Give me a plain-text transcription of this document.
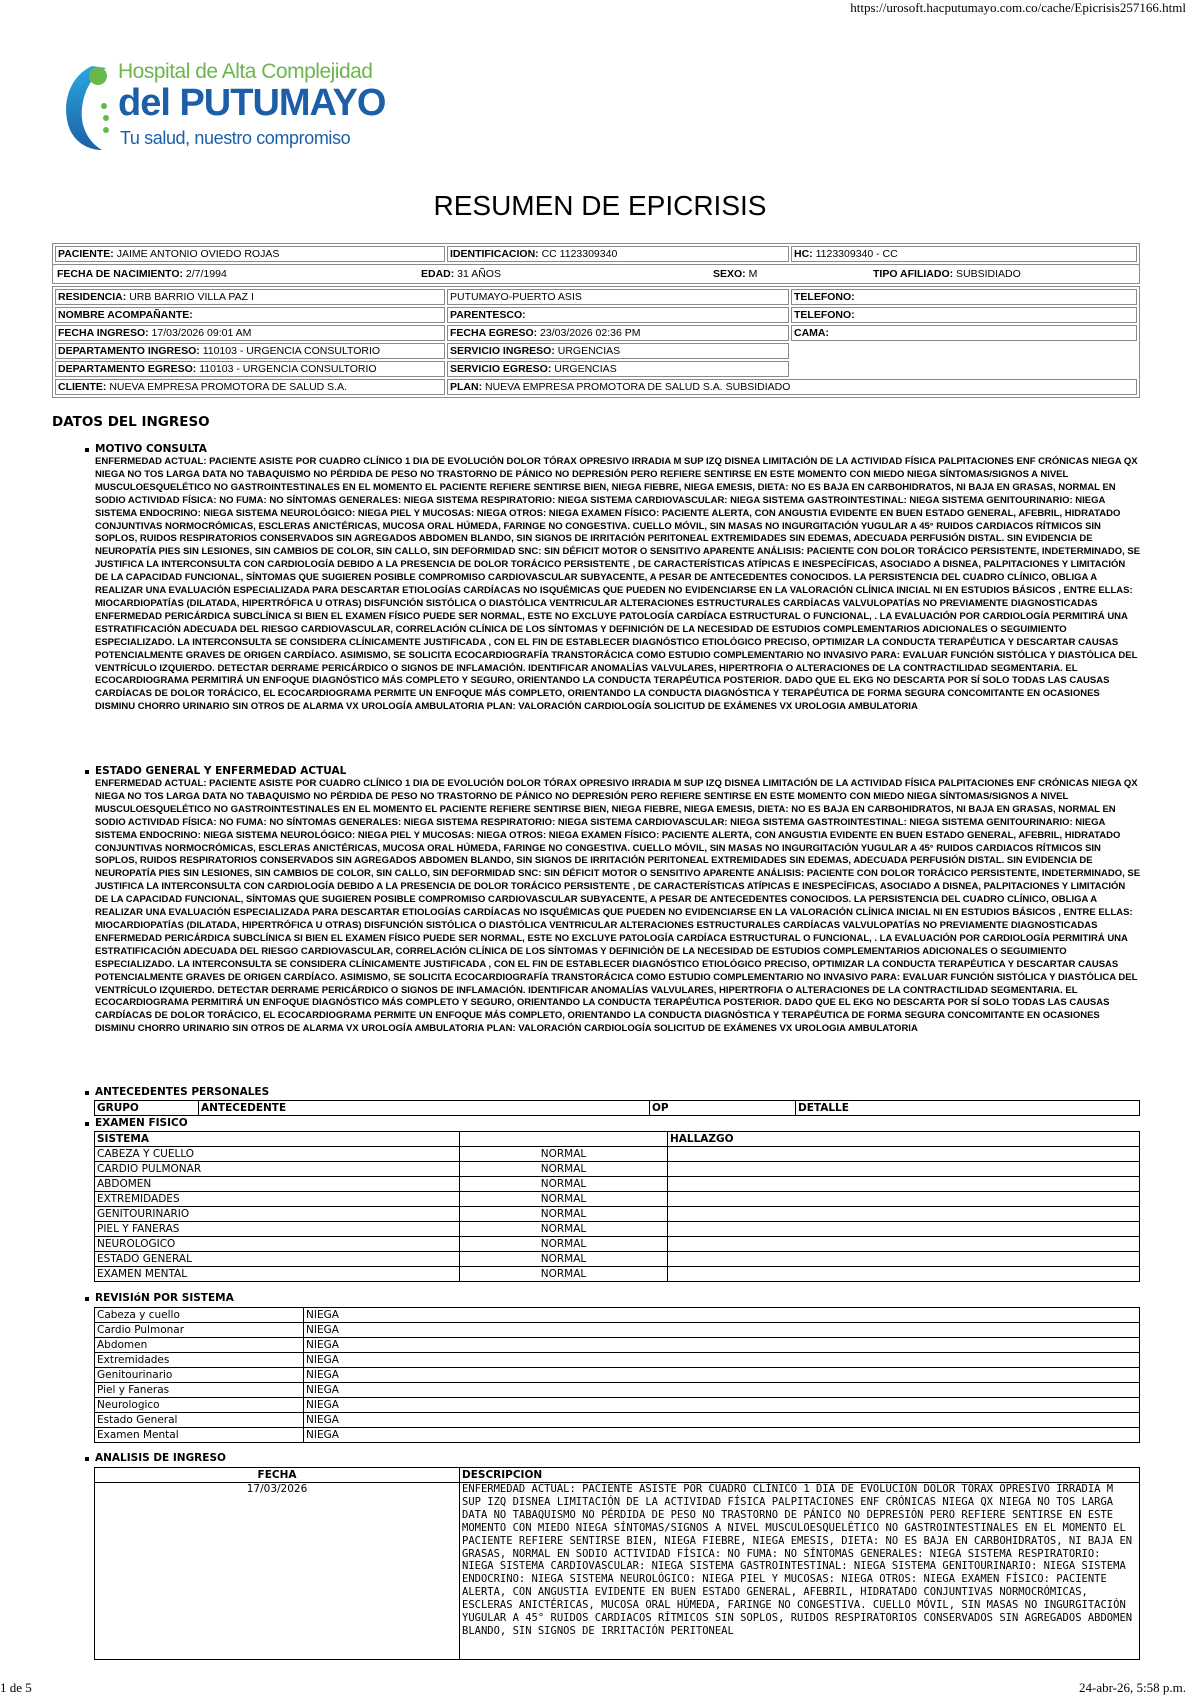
https://urosoft.hacputumayo.com.co/cache/Epicrisis257166.html
Hospital de Alta Complejidad
del PUTUMAYO
Tu salud, nuestro compromiso
RESUMEN DE EPICRISIS
PACIENTE: JAIME ANTONIO OVIEDO ROJAS	IDENTIFICACION: CC 1123309340	HC: 1123309340 - CC
FECHA DE NACIMIENTO: 2/7/1994	EDAD: 31 AÑOS	SEXO: M	TIPO AFILIADO: SUBSIDIADO
RESIDENCIA: URB BARRIO VILLA PAZ I	PUTUMAYO-PUERTO ASIS	TELEFONO:
NOMBRE ACOMPAÑANTE:	PARENTESCO:	TELEFONO:
FECHA INGRESO: 17/03/2026 09:01 AM	FECHA EGRESO: 23/03/2026 02:36 PM	CAMA:
DEPARTAMENTO INGRESO: 110103 - URGENCIA CONSULTORIO	SERVICIO INGRESO: URGENCIAS	
DEPARTAMENTO EGRESO: 110103 - URGENCIA CONSULTORIO	SERVICIO EGRESO: URGENCIAS	
CLIENTE: NUEVA EMPRESA PROMOTORA DE SALUD S.A.	PLAN: NUEVA EMPRESA PROMOTORA DE SALUD S.A. SUBSIDIADO	
DATOS DEL INGRESO
MOTIVO CONSULTA
ENFERMEDAD ACTUAL: PACIENTE ASISTE POR CUADRO CLÍNICO 1 DIA DE EVOLUCIÓN DOLOR TÓRAX OPRESIVO IRRADIA M SUP IZQ DISNEA LIMITACIÓN DE LA ACTIVIDAD FÍSICA PALPITACIONES ENF CRÓNICAS NIEGA QX NIEGA NO TOS LARGA DATA NO TABAQUISMO NO PÉRDIDA DE PESO NO TRASTORNO DE PÁNICO NO DEPRESIÓN PERO REFIERE SENTIRSE EN ESTE MOMENTO CON MIEDO NIEGA SÍNTOMAS/SIGNOS A NIVEL MUSCULOESQUELÉTICO NO GASTROINTESTINALES EN EL MOMENTO EL PACIENTE REFIERE SENTIRSE BIEN, NIEGA FIEBRE, NIEGA EMESIS, DIETA: NO ES BAJA EN CARBOHIDRATOS, NI BAJA EN GRASAS, NORMAL EN SODIO ACTIVIDAD FÍSICA: NO FUMA: NO SÍNTOMAS GENERALES: NIEGA SISTEMA RESPIRATORIO: NIEGA SISTEMA CARDIOVASCULAR: NIEGA SISTEMA GASTROINTESTINAL: NIEGA SISTEMA GENITOURINARIO: NIEGA SISTEMA ENDOCRINO: NIEGA SISTEMA NEUROLÓGICO: NIEGA PIEL Y MUCOSAS: NIEGA OTROS: NIEGA EXAMEN FÍSICO: PACIENTE ALERTA, CON ANGUSTIA EVIDENTE EN BUEN ESTADO GENERAL, AFEBRIL, HIDRATADO CONJUNTIVAS NORMOCRÓMICAS, ESCLERAS ANICTÉRICAS, MUCOSA ORAL HÚMEDA, FARINGE NO CONGESTIVA. CUELLO MÓVIL, SIN MASAS NO INGURGITACIÓN YUGULAR A 45° RUIDOS CARDIACOS RÍTMICOS SIN SOPLOS, RUIDOS RESPIRATORIOS CONSERVADOS SIN AGREGADOS ABDOMEN BLANDO, SIN SIGNOS DE IRRITACIÓN PERITONEAL EXTREMIDADES SIN EDEMAS, ADECUADA PERFUSIÓN DISTAL. SIN EVIDENCIA DE NEUROPATÍA PIES SIN LESIONES, SIN CAMBIOS DE COLOR, SIN CALLO, SIN DEFORMIDAD SNC: SIN DÉFICIT MOTOR O SENSITIVO APARENTE ANÁLISIS: PACIENTE CON DOLOR TORÁCICO PERSISTENTE, INDETERMINADO, SE JUSTIFICA LA INTERCONSULTA CON CARDIOLOGÍA DEBIDO A LA PRESENCIA DE DOLOR TORÁCICO PERSISTENTE , DE CARACTERÍSTICAS ATÍPICAS E INESPECÍFICAS, ASOCIADO A DISNEA, PALPITACIONES Y LIMITACIÓN DE LA CAPACIDAD FUNCIONAL, SÍNTOMAS QUE SUGIEREN POSIBLE COMPROMISO CARDIOVASCULAR SUBYACENTE, A PESAR DE ANTECEDENTES CONOCIDOS. LA PERSISTENCIA DEL CUADRO CLÍNICO, OBLIGA A REALIZAR UNA EVALUACIÓN ESPECIALIZADA PARA DESCARTAR ETIOLOGÍAS CARDÍACAS NO ISQUÉMICAS QUE PUEDEN NO EVIDENCIARSE EN LA VALORACIÓN CLÍNICA INICIAL NI EN ESTUDIOS BÁSICOS , ENTRE ELLAS: MIOCARDIOPATÍAS (DILATADA, HIPERTRÓFICA U OTRAS) DISFUNCIÓN SISTÓLICA O DIASTÓLICA VENTRICULAR ALTERACIONES ESTRUCTURALES CARDÍACAS VALVULOPATÍAS NO PREVIAMENTE DIAGNOSTICADAS ENFERMEDAD PERICÁRDICA SUBCLÍNICA SI BIEN EL EXAMEN FÍSICO PUEDE SER NORMAL, ESTE NO EXCLUYE PATOLOGÍA CARDÍACA ESTRUCTURAL O FUNCIONAL, . LA EVALUACIÓN POR CARDIOLOGÍA PERMITIRÁ UNA ESTRATIFICACIÓN ADECUADA DEL RIESGO CARDIOVASCULAR, CORRELACIÓN CLÍNICA DE LOS SÍNTOMAS Y DEFINICIÓN DE LA NECESIDAD DE ESTUDIOS COMPLEMENTARIOS ADICIONALES O SEGUIMIENTO ESPECIALIZADO. LA INTERCONSULTA SE CONSIDERA CLÍNICAMENTE JUSTIFICADA , CON EL FIN DE ESTABLECER DIAGNÓSTICO ETIOLÓGICO PRECISO, OPTIMIZAR LA CONDUCTA TERAPÉUTICA Y DESCARTAR CAUSAS POTENCIALMENTE GRAVES DE ORIGEN CARDÍACO. ASIMISMO, SE SOLICITA ECOCARDIOGRAFÍA TRANSTORÁCICA COMO ESTUDIO COMPLEMENTARIO NO INVASIVO PARA: EVALUAR FUNCIÓN SISTÓLICA Y DIASTÓLICA DEL VENTRÍCULO IZQUIERDO. DETECTAR DERRAME PERICÁRDICO O SIGNOS DE INFLAMACIÓN. IDENTIFICAR ANOMALÍAS VALVULARES, HIPERTROFIA O ALTERACIONES DE LA CONTRACTILIDAD SEGMENTARIA. EL ECOCARDIOGRAMA PERMITIRÁ UN ENFOQUE DIAGNÓSTICO MÁS COMPLETO Y SEGURO, ORIENTANDO LA CONDUCTA TERAPÉUTICA POSTERIOR. DADO QUE EL EKG NO DESCARTA POR SÍ SOLO TODAS LAS CAUSAS CARDÍACAS DE DOLOR TORÁCICO, EL ECOCARDIOGRAMA PERMITE UN ENFOQUE MÁS COMPLETO, ORIENTANDO LA CONDUCTA DIAGNÓSTICA Y TERAPÉUTICA DE FORMA SEGURA CONCOMITANTE EN OCASIONES DISMINU CHORRO URINARIO SIN OTROS DE ALARMA VX UROLOGÍA AMBULATORIA PLAN: VALORACIÓN CARDIOLOGÍA SOLICITUD DE EXÁMENES VX UROLOGIA AMBULATORIA
ESTADO GENERAL Y ENFERMEDAD ACTUAL
ENFERMEDAD ACTUAL: PACIENTE ASISTE POR CUADRO CLÍNICO 1 DIA DE EVOLUCIÓN DOLOR TÓRAX OPRESIVO IRRADIA M SUP IZQ DISNEA LIMITACIÓN DE LA ACTIVIDAD FÍSICA PALPITACIONES ENF CRÓNICAS NIEGA QX NIEGA NO TOS LARGA DATA NO TABAQUISMO NO PÉRDIDA DE PESO NO TRASTORNO DE PÁNICO NO DEPRESIÓN PERO REFIERE SENTIRSE EN ESTE MOMENTO CON MIEDO NIEGA SÍNTOMAS/SIGNOS A NIVEL MUSCULOESQUELÉTICO NO GASTROINTESTINALES EN EL MOMENTO EL PACIENTE REFIERE SENTIRSE BIEN, NIEGA FIEBRE, NIEGA EMESIS, DIETA: NO ES BAJA EN CARBOHIDRATOS, NI BAJA EN GRASAS, NORMAL EN SODIO ACTIVIDAD FÍSICA: NO FUMA: NO SÍNTOMAS GENERALES: NIEGA SISTEMA RESPIRATORIO: NIEGA SISTEMA CARDIOVASCULAR: NIEGA SISTEMA GASTROINTESTINAL: NIEGA SISTEMA GENITOURINARIO: NIEGA SISTEMA ENDOCRINO: NIEGA SISTEMA NEUROLÓGICO: NIEGA PIEL Y MUCOSAS: NIEGA OTROS: NIEGA EXAMEN FÍSICO: PACIENTE ALERTA, CON ANGUSTIA EVIDENTE EN BUEN ESTADO GENERAL, AFEBRIL, HIDRATADO CONJUNTIVAS NORMOCRÓMICAS, ESCLERAS ANICTÉRICAS, MUCOSA ORAL HÚMEDA, FARINGE NO CONGESTIVA. CUELLO MÓVIL, SIN MASAS NO INGURGITACIÓN YUGULAR A 45° RUIDOS CARDIACOS RÍTMICOS SIN SOPLOS, RUIDOS RESPIRATORIOS CONSERVADOS SIN AGREGADOS ABDOMEN BLANDO, SIN SIGNOS DE IRRITACIÓN PERITONEAL EXTREMIDADES SIN EDEMAS, ADECUADA PERFUSIÓN DISTAL. SIN EVIDENCIA DE NEUROPATÍA PIES SIN LESIONES, SIN CAMBIOS DE COLOR, SIN CALLO, SIN DEFORMIDAD SNC: SIN DÉFICIT MOTOR O SENSITIVO APARENTE ANÁLISIS: PACIENTE CON DOLOR TORÁCICO PERSISTENTE, INDETERMINADO, SE JUSTIFICA LA INTERCONSULTA CON CARDIOLOGÍA DEBIDO A LA PRESENCIA DE DOLOR TORÁCICO PERSISTENTE , DE CARACTERÍSTICAS ATÍPICAS E INESPECÍFICAS, ASOCIADO A DISNEA, PALPITACIONES Y LIMITACIÓN DE LA CAPACIDAD FUNCIONAL, SÍNTOMAS QUE SUGIEREN POSIBLE COMPROMISO CARDIOVASCULAR SUBYACENTE, A PESAR DE ANTECEDENTES CONOCIDOS. LA PERSISTENCIA DEL CUADRO CLÍNICO, OBLIGA A REALIZAR UNA EVALUACIÓN ESPECIALIZADA PARA DESCARTAR ETIOLOGÍAS CARDÍACAS NO ISQUÉMICAS QUE PUEDEN NO EVIDENCIARSE EN LA VALORACIÓN CLÍNICA INICIAL NI EN ESTUDIOS BÁSICOS , ENTRE ELLAS: MIOCARDIOPATÍAS (DILATADA, HIPERTRÓFICA U OTRAS) DISFUNCIÓN SISTÓLICA O DIASTÓLICA VENTRICULAR ALTERACIONES ESTRUCTURALES CARDÍACAS VALVULOPATÍAS NO PREVIAMENTE DIAGNOSTICADAS ENFERMEDAD PERICÁRDICA SUBCLÍNICA SI BIEN EL EXAMEN FÍSICO PUEDE SER NORMAL, ESTE NO EXCLUYE PATOLOGÍA CARDÍACA ESTRUCTURAL O FUNCIONAL, . LA EVALUACIÓN POR CARDIOLOGÍA PERMITIRÁ UNA ESTRATIFICACIÓN ADECUADA DEL RIESGO CARDIOVASCULAR, CORRELACIÓN CLÍNICA DE LOS SÍNTOMAS Y DEFINICIÓN DE LA NECESIDAD DE ESTUDIOS COMPLEMENTARIOS ADICIONALES O SEGUIMIENTO ESPECIALIZADO. LA INTERCONSULTA SE CONSIDERA CLÍNICAMENTE JUSTIFICADA , CON EL FIN DE ESTABLECER DIAGNÓSTICO ETIOLÓGICO PRECISO, OPTIMIZAR LA CONDUCTA TERAPÉUTICA Y DESCARTAR CAUSAS POTENCIALMENTE GRAVES DE ORIGEN CARDÍACO. ASIMISMO, SE SOLICITA ECOCARDIOGRAFÍA TRANSTORÁCICA COMO ESTUDIO COMPLEMENTARIO NO INVASIVO PARA: EVALUAR FUNCIÓN SISTÓLICA Y DIASTÓLICA DEL VENTRÍCULO IZQUIERDO. DETECTAR DERRAME PERICÁRDICO O SIGNOS DE INFLAMACIÓN. IDENTIFICAR ANOMALÍAS VALVULARES, HIPERTROFIA O ALTERACIONES DE LA CONTRACTILIDAD SEGMENTARIA. EL ECOCARDIOGRAMA PERMITIRÁ UN ENFOQUE DIAGNÓSTICO MÁS COMPLETO Y SEGURO, ORIENTANDO LA CONDUCTA TERAPÉUTICA POSTERIOR. DADO QUE EL EKG NO DESCARTA POR SÍ SOLO TODAS LAS CAUSAS CARDÍACAS DE DOLOR TORÁCICO, EL ECOCARDIOGRAMA PERMITE UN ENFOQUE MÁS COMPLETO, ORIENTANDO LA CONDUCTA DIAGNÓSTICA Y TERAPÉUTICA DE FORMA SEGURA CONCOMITANTE EN OCASIONES DISMINU CHORRO URINARIO SIN OTROS DE ALARMA VX UROLOGÍA AMBULATORIA PLAN: VALORACIÓN CARDIOLOGÍA SOLICITUD DE EXÁMENES VX UROLOGIA AMBULATORIA
ANTECEDENTES PERSONALES
GRUPO	ANTECEDENTE	OP	DETALLE
EXAMEN FISICO
SISTEMA		HALLAZGO
CABEZA Y CUELLO	NORMAL	
CARDIO PULMONAR	NORMAL	
ABDOMEN	NORMAL	
EXTREMIDADES	NORMAL	
GENITOURINARIO	NORMAL	
PIEL Y FANERAS	NORMAL	
NEUROLOGICO	NORMAL	
ESTADO GENERAL	NORMAL	
EXAMEN MENTAL	NORMAL	
REVISIóN POR SISTEMA
Cabeza y cuello	NIEGA
Cardio Pulmonar	NIEGA
Abdomen	NIEGA
Extremidades	NIEGA
Genitourinario	NIEGA
Piel y Faneras	NIEGA
Neurologico	NIEGA
Estado General	NIEGA
Examen Mental	NIEGA
ANALISIS DE INGRESO
FECHA	DESCRIPCION
17/03/2026	ENFERMEDAD ACTUAL: PACIENTE ASISTE POR CUADRO CLÍNICO 1 DIA DE EVOLUCIÓN DOLOR TÓRAX OPRESIVO IRRADIA M SUP IZQ DISNEA LIMITACIÓN DE LA ACTIVIDAD FÍSICA PALPITACIONES ENF CRÓNICAS NIEGA QX NIEGA NO TOS LARGA DATA NO TABAQUISMO NO PÉRDIDA DE PESO NO TRASTORNO DE PÁNICO NO DEPRESIÓN PERO REFIERE SENTIRSE EN ESTE MOMENTO CON MIEDO NIEGA SÍNTOMAS/SIGNOS A NIVEL MUSCULOESQUELÉTICO NO GASTROINTESTINALES EN EL MOMENTO EL PACIENTE REFIERE SENTIRSE BIEN, NIEGA FIEBRE, NIEGA EMESIS, DIETA: NO ES BAJA EN CARBOHIDRATOS, NI BAJA EN GRASAS, NORMAL EN SODIO ACTIVIDAD FÍSICA: NO FUMA: NO SÍNTOMAS GENERALES: NIEGA SISTEMA RESPIRATORIO: NIEGA SISTEMA CARDIOVASCULAR: NIEGA SISTEMA GASTROINTESTINAL: NIEGA SISTEMA GENITOURINARIO: NIEGA SISTEMA ENDOCRINO: NIEGA SISTEMA NEUROLÓGICO: NIEGA PIEL Y MUCOSAS: NIEGA OTROS: NIEGA EXAMEN FÍSICO: PACIENTE ALERTA, CON ANGUSTIA EVIDENTE EN BUEN ESTADO GENERAL, AFEBRIL, HIDRATADO CONJUNTIVAS NORMOCRÓMICAS, ESCLERAS ANICTÉRICAS, MUCOSA ORAL HÚMEDA, FARINGE NO CONGESTIVA. CUELLO MÓVIL, SIN MASAS NO INGURGITACIÓN YUGULAR A 45° RUIDOS CARDIACOS RÍTMICOS SIN SOPLOS, RUIDOS RESPIRATORIOS CONSERVADOS SIN AGREGADOS ABDOMEN BLANDO, SIN SIGNOS DE IRRITACIÓN PERITONEAL
1 de 5	24-abr-26, 5:58 p.m.
